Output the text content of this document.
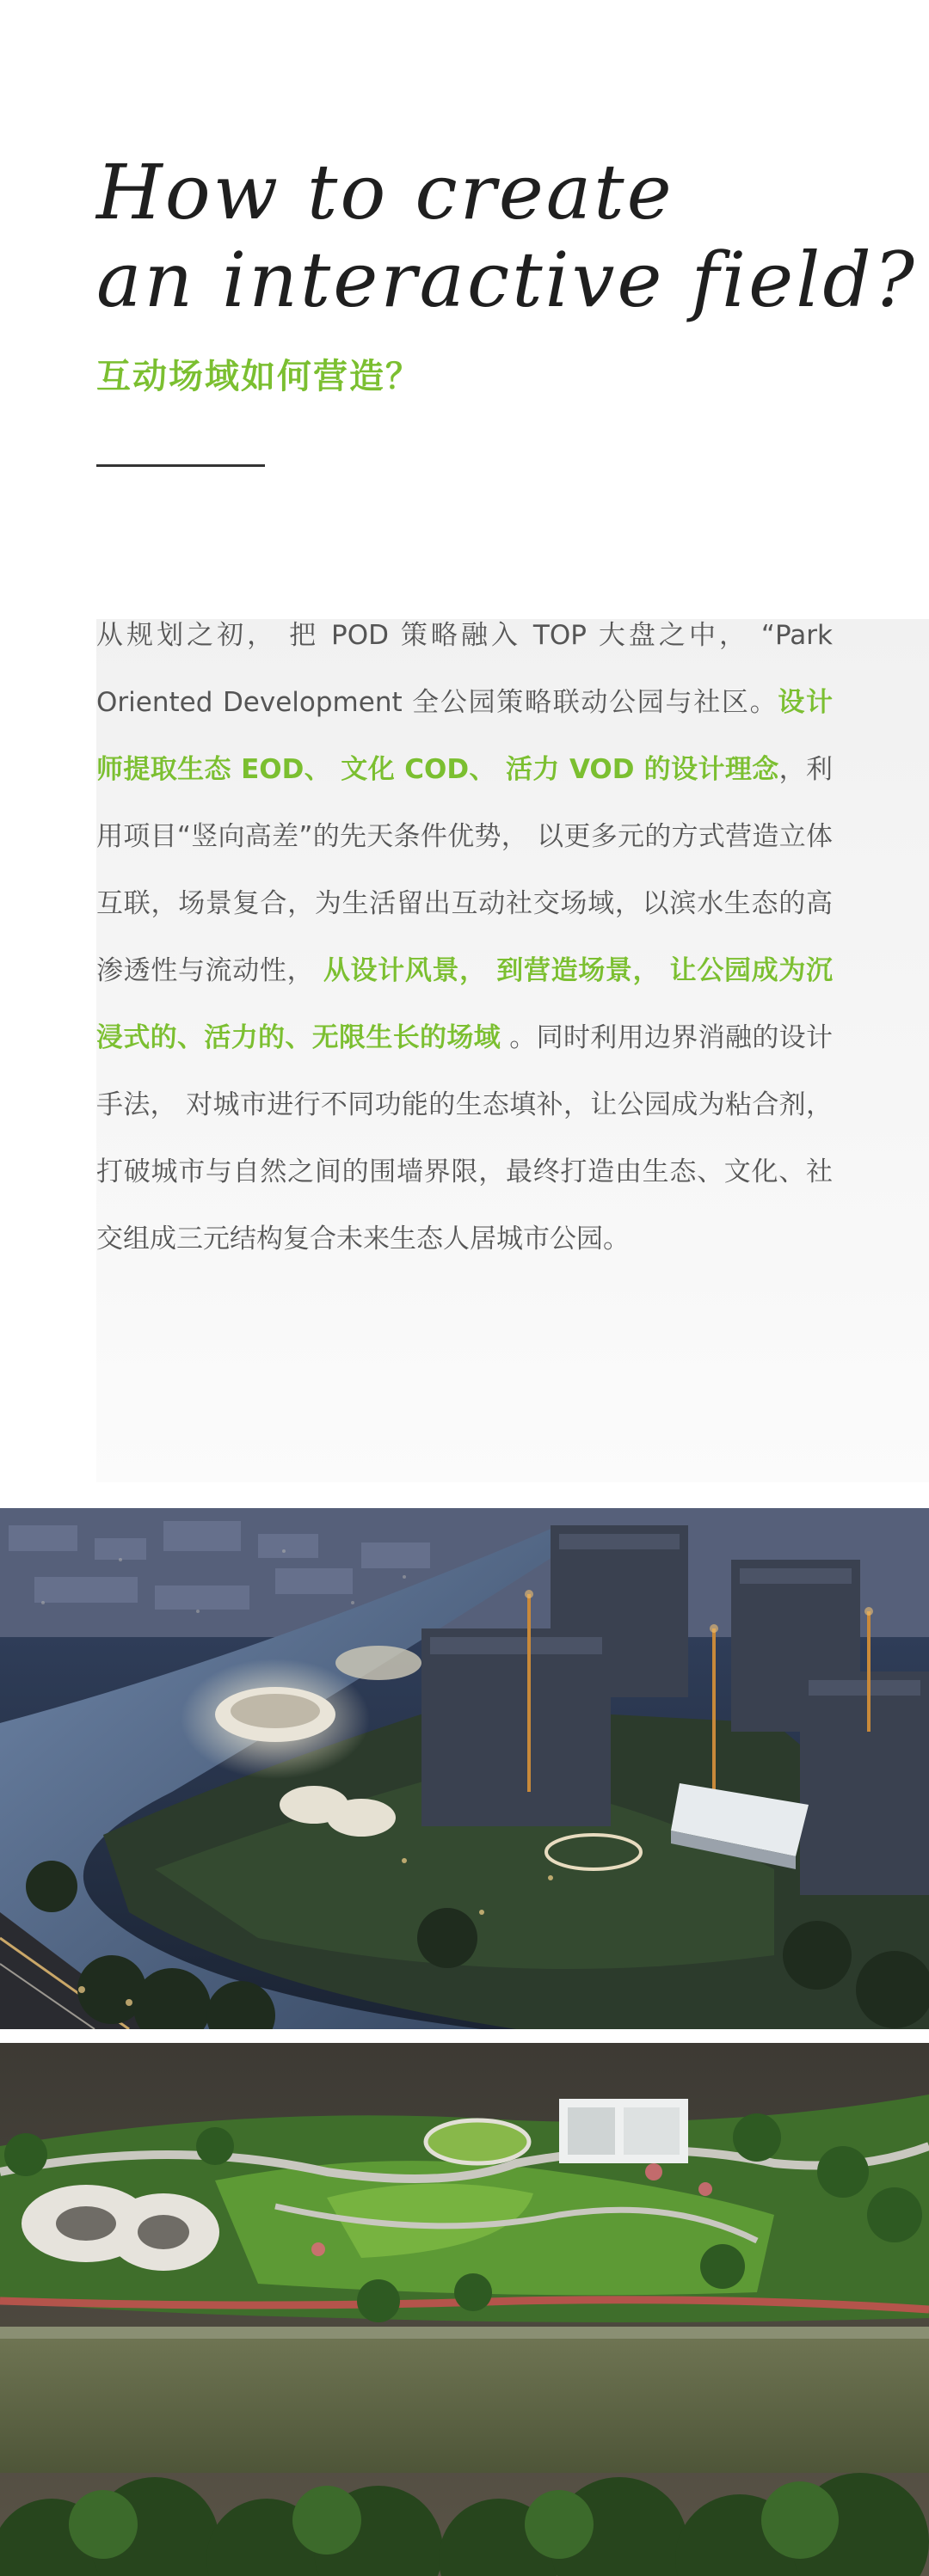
How to create
an interactive field?
互动场域如何营造？
从规划之初， 把 POD 策略融入 TOP 大盘之中， “Park Oriented Development 全公园策略联动公园与社区。设计师提取生态 EOD、 文化 COD、 活力 VOD 的设计理念，利用项目“竖向高差”的先天条件优势， 以更多元的方式营造立体互联，场景复合，为生活留出互动社交场域，以滨水生态的高渗透性与流动性， 从设计风景， 到营造场景， 让公园成为沉浸式的、活力的、无限生长的场域 。同时利用边界消融的设计手法， 对城市进行不同功能的生态填补，让公园成为粘合剂，打破城市与自然之间的围墙界限，最终打造由生态、文化、社交组成三元结构复合未来生态人居城市公园。
